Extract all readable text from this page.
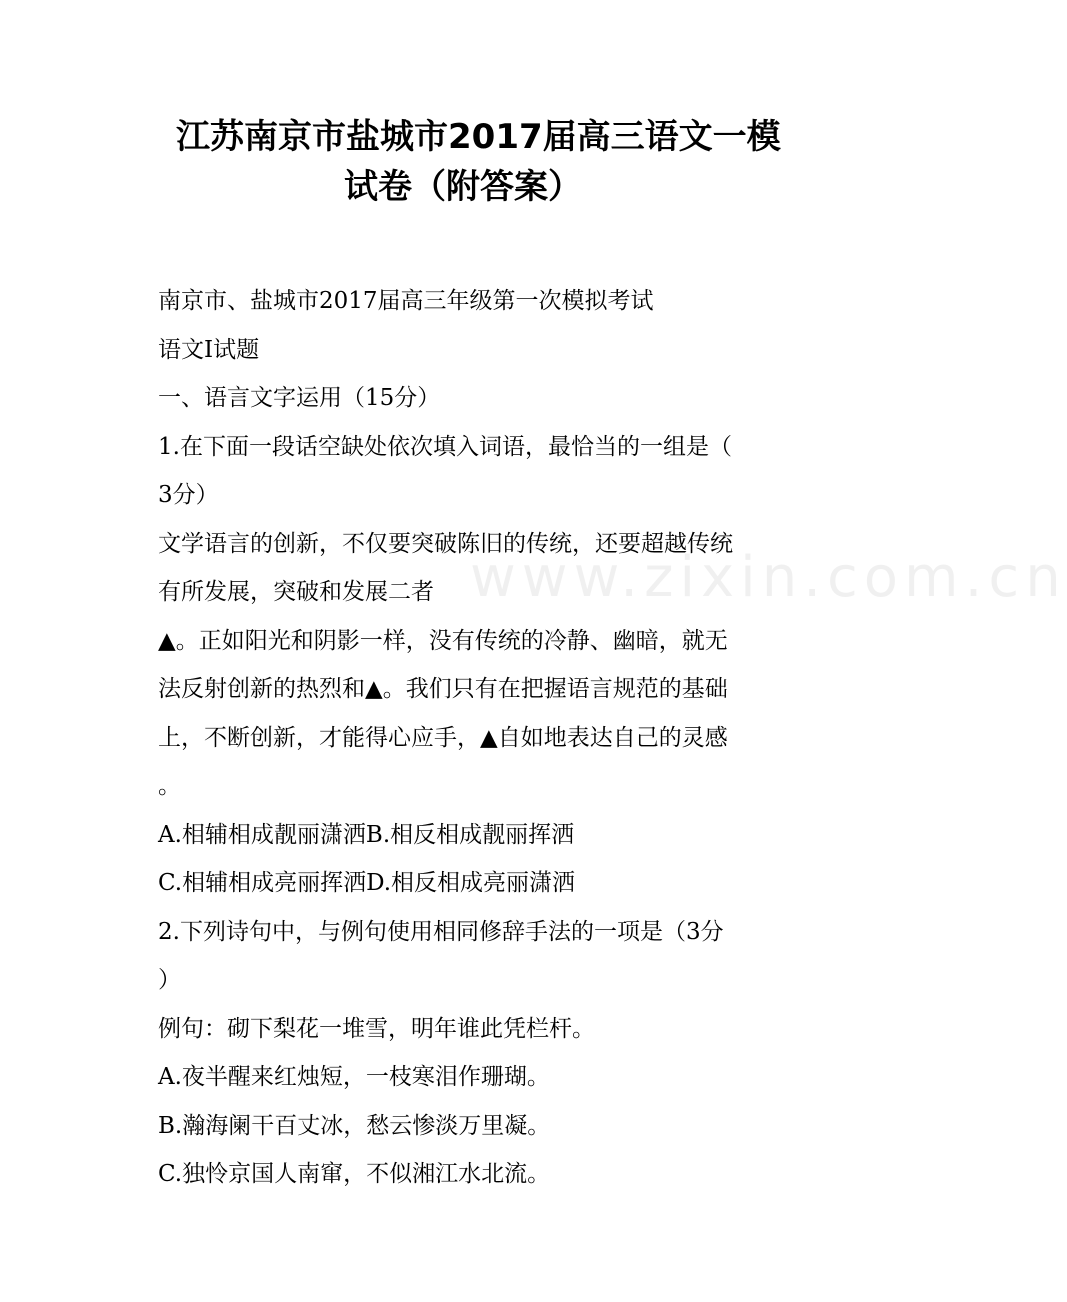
江苏南京市盐城市2017届高三语文一模
试卷（附答案）
www.zixin.com.cn
南京市、盐城市2017届高三年级第一次模拟考试
语文Ⅰ试题
一、语言文字运用（15分）
1.在下面一段话空缺处依次填入词语，最恰当的一组是（
3分）
文学语言的创新，不仅要突破陈旧的传统，还要超越传统
有所发展，突破和发展二者
▲。正如阳光和阴影一样，没有传统的冷静、幽暗，就无
法反射创新的热烈和▲。我们只有在把握语言规范的基础
上，不断创新，才能得心应手，▲自如地表达自己的灵感
。
A.相辅相成靓丽潇洒B.相反相成靓丽挥洒
C.相辅相成亮丽挥洒D.相反相成亮丽潇洒
2.下列诗句中，与例句使用相同修辞手法的一项是（3分
）
例句：砌下梨花一堆雪，明年谁此凭栏杆。
A.夜半醒来红烛短，一枝寒泪作珊瑚。
B.瀚海阑干百丈冰，愁云惨淡万里凝。
C.独怜京国人南窜，不似湘江水北流。
